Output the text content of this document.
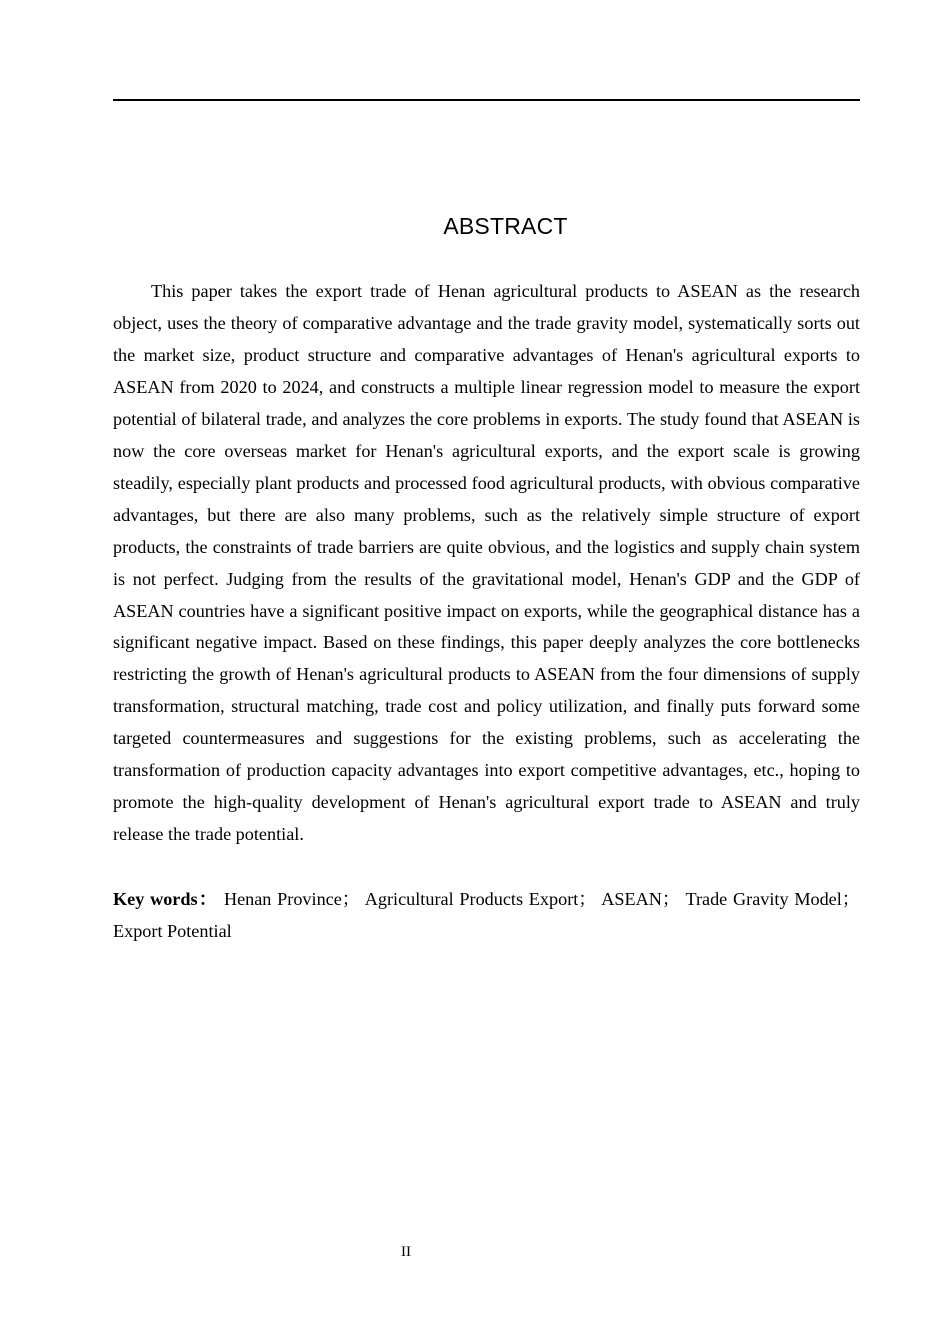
ABSTRACT

This paper takes the export trade of Henan agricultural products to ASEAN as the research object, uses the theory of comparative advantage and the trade gravity model, systematically sorts out the market size, product structure and comparative advantages of Henan's agricultural exports to ASEAN from 2020 to 2024, and constructs a multiple linear regression model to measure the export potential of bilateral trade, and analyzes the core problems in exports. The study found that ASEAN is now the core overseas market for Henan's agricultural exports, and the export scale is growing steadily, especially plant products and processed food agricultural products, with obvious comparative advantages, but there are also many problems, such as the relatively simple structure of export products, the constraints of trade barriers are quite obvious, and the logistics and supply chain system is not perfect. Judging from the results of the gravitational model, Henan's GDP and the GDP of ASEAN countries have a significant positive impact on exports, while the geographical distance has a significant negative impact. Based on these findings, this paper deeply analyzes the core bottlenecks restricting the growth of Henan's agricultural products to ASEAN from the four dimensions of supply transformation, structural matching, trade cost and policy utilization, and finally puts forward some targeted countermeasures and suggestions for the existing problems, such as accelerating the transformation of production capacity advantages into export competitive advantages, etc., hoping to promote the high-quality development of Henan's agricultural export trade to ASEAN and truly release the trade potential.

Key words： Henan Province； Agricultural Products Export； ASEAN； Trade Gravity Model；Export Potential

II
